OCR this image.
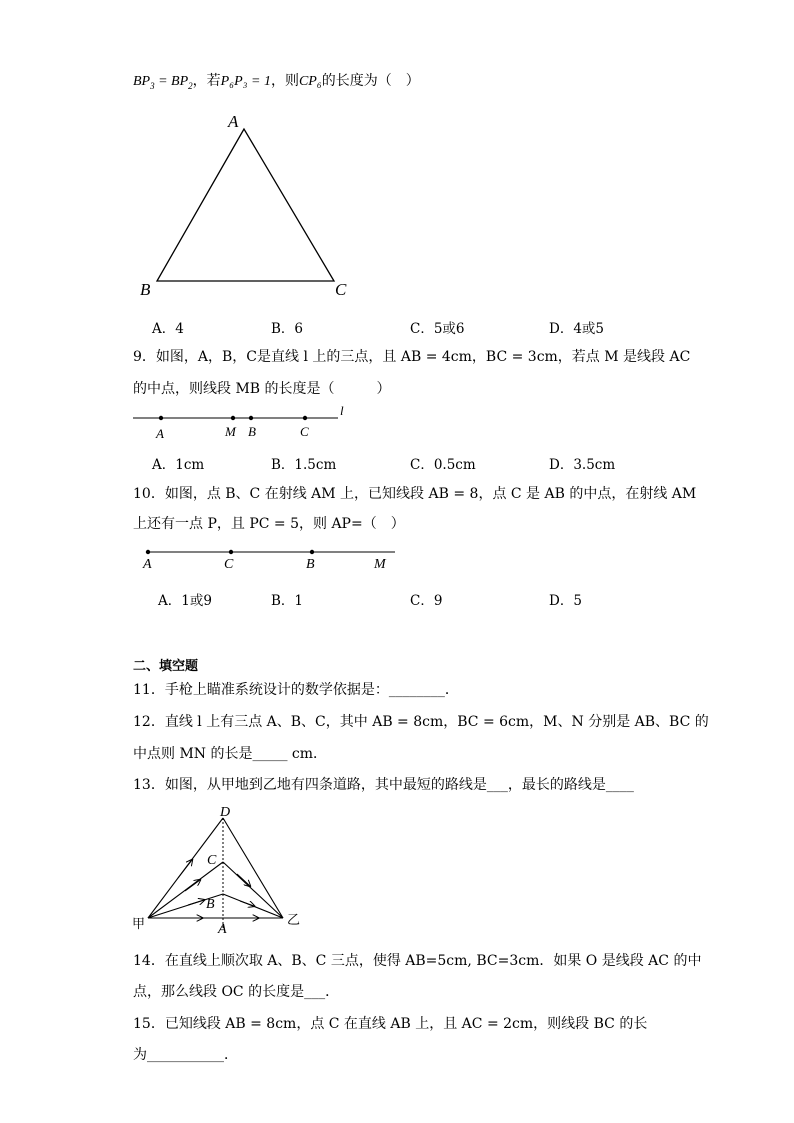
$BP_3 = BP_2$，若P₆P₃ = 1，则CP₆的长度为（　）
A
B	C
A．4	B．6	C．5或6	D．4或5
9．如图，A，B，C是直线 l 上的三点，且 AB = 4cm，BC = 3cm，若点 M 是线段 AC
的中点，则线段 MB 的长度是（　　　）
A	M B	C
l
A．1cm	B．1.5cm	C．0.5cm	D．3.5cm
10．如图，点 B、C 在射线 AM 上，已知线段 AB = 8，点 C 是 AB 的中点，在射线 AM
上还有一点 P，且 PC = 5，则 AP=（　）
A	C	B	M
A．1或9	B．1	C．9	D．5
二、填空题
11．手枪上瞄准系统设计的数学依据是：________．
12．直线 l 上有三点 A、B、C，其中 AB = 8cm，BC = 6cm，M、N 分别是 AB、BC 的
中点则 MN 的长是_____ cm．
13．如图，从甲地到乙地有四条道路，其中最短的路线是___，最长的路线是____
D
C
B
A
甲	乙
14．在直线上顺次取 A、B、C 三点，使得 AB=5cm, BC=3cm．如果 O 是线段 AC 的中
点，那么线段 OC 的长度是___．
15．已知线段 AB = 8cm，点 C 在直线 AB 上，且 AC = 2cm，则线段 BC 的长
为___________．
